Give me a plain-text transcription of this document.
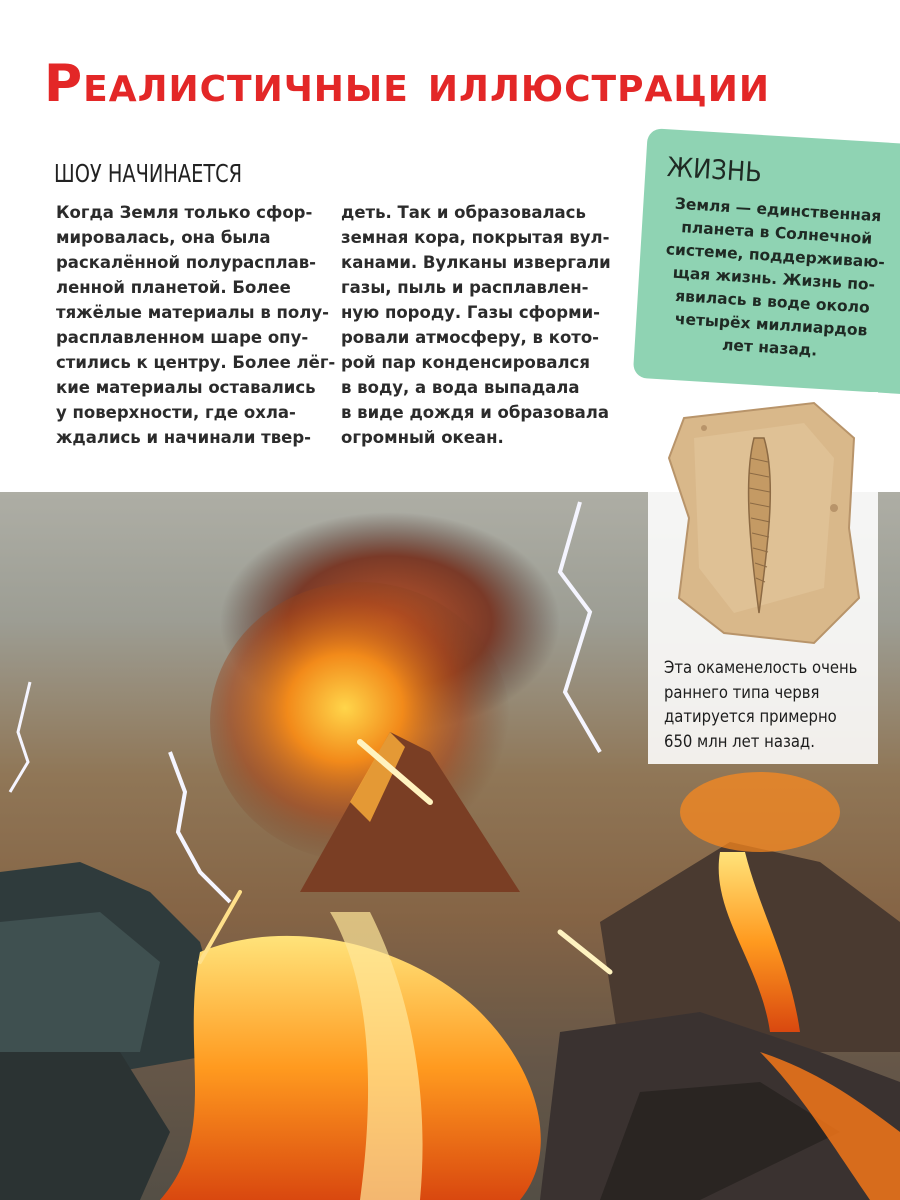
Реалистичные иллюстрации
ШОУ НАЧИНАЕТСЯ
Когда Земля только сфор-
мировалась, она была
раскалённой полурасплав-
ленной планетой. Более
тяжёлые материалы в полу-
расплавленном шаре опу-
стились к центру. Более лёг-
кие материалы оставались
у поверхности, где охла-
ждались и начинали твер-
деть. Так и образовалась
земная кора, покрытая вул-
канами. Вулканы извергали
газы, пыль и расплавлен-
ную породу. Газы сформи-
ровали атмосферу, в кото-
рой пар конденсировался
в воду, а вода выпадала
в виде дождя и образовала
огромный океан.
ЖИЗНЬ
Земля — единственная
планета в Солнечной
системе, поддерживаю-
щая жизнь. Жизнь по-
явилась в воде около
четырёх миллиардов
лет назад.
Эта окаменелость очень
раннего типа червя
датируется примерно
650 млн лет назад.
